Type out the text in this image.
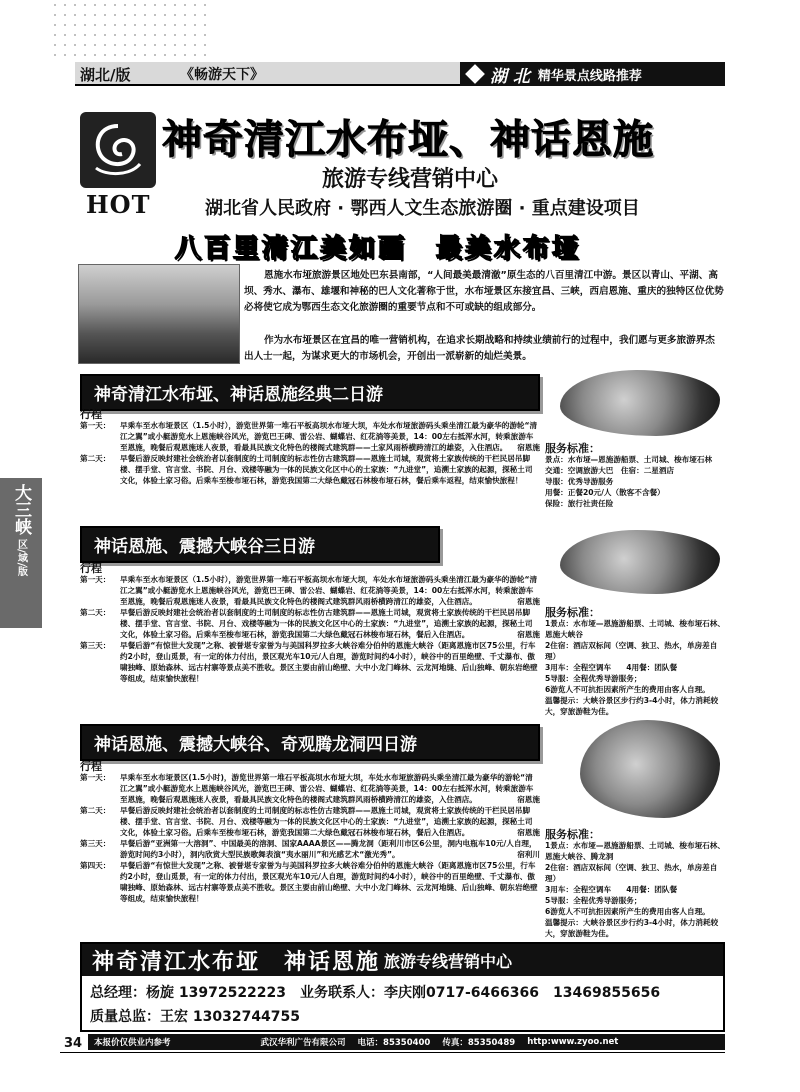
湖北/版	《畅游天下》	湖 北 精华景点线路推荐
HOT
神奇清江水布垭、神话恩施
旅游专线营销中心
湖北省人民政府 · 鄂西人文生态旅游圈 · 重点建设项目
八百里清江美如画　最美水布垭

恩施水布垭旅游景区地处巴东县南部，“人间最美最清澈”原生态的八百里清江中游。景区以青山、平湖、高坝、秀水、瀑布、雄堰和神秘的巴人文化著称于世，水布垭景区东接宜昌、三峡，西启恩施、重庆的独特区位优势必将使它成为鄂西生态文化旅游圈的重要节点和不可或缺的组成部分。

作为水布垭景区在宜昌的唯一营销机构，在追求长期战略和持续业绩前行的过程中，我们愿与更多旅游界杰出人士一起，为谋求更大的市场机会，开创出一派崭新的灿烂美景。

大三峡
区/域/版
神奇清江水布垭、神话恩施经典二日游
行程
第一天：	早乘车至水布垭景区（1.5小时），游览世界第一堆石平板高坝水布垭大坝，车处水布垭旅游码头乘坐清江最为豪华的游轮“清江之翼”或小艇游览水上恩施峡谷风光，游览巴王碑、雷公岩、蝴蝶岩、红花淌等美景，14：00左右抵浑水河，转乘旅游车至恩施，晚餐后观恩施迷人夜景，看最具民族文化特色的楼阁式建筑群——土家风雨桥横跨清江的雄姿，入住酒店。 宿恩施
第二天：	早餐后游反映封建社会统治者以套制度的土司制度的标志性仿古建筑群——恩施土司城，观赏将土家族传统的干栏民居吊脚楼、摆手堂、官言堂、书院、月台、戏楼等融为一体的民族文化区中心的土家族：“九进堂”，追溯土家族的起源，探秘土司文化，体验土家习俗。后乘车至梭布垭石林，游览我国第二大绿色戴冠石林梭布垭石林，餐后乘车返程，结束愉快旅程！
服务标准：
景点：水布垭—恩施游船票、土司城、梭布垭石林
交通：空调旅游大巴　住宿：二星酒店
导服：优秀导游服务
用餐：正餐20元/人（散客不含餐）
保险：旅行社责任险
神话恩施、震撼大峡谷三日游
行程
第一天：	早乘车至水布垭景区（1.5小时），游览世界第一堆石平板高坝水布垭大坝，车处水布垭旅游码头乘坐清江最为豪华的游轮“清江之翼”或小艇游览水上恩施峡谷风光，游览巴王碑、雷公岩、蝴蝶岩、红花淌等美景，14：00左右抵浑水河，转乘旅游车至恩施，晚餐后观恩施迷人夜景，看最具民族文化特色的楼阁式建筑群风雨桥横跨清江的雄姿，入住酒店。	宿恩施
第二天：	早餐后游反映封建社会统治者以套制度的土司制度的标志性仿古建筑群——恩施土司城，观赏将土家族传统的干栏民居吊脚楼、摆手堂、官言堂、书院、月台、戏楼等融为一体的民族文化区中心的土家族：“九进堂”，追溯土家族的起源，探秘土司文化，体验土家习俗。后乘车至梭布垭石林，游览我国第二大绿色戴冠石林梭布垭石林，餐后入住酒店。	宿恩施
第三天：	早餐后游“有惊世大发现”之称、被誉堪专家誉为与美国科罗拉多大峡谷难分伯仲的恩施大峡谷（距离恩施市区75公里，行车约2小时，登山觅景，有一定的体力付出，景区观光车10元/人自理，游览时间约4小时），峡谷中的百里绝壁、千丈瀑布、傲啸独峰、原始森林、远古村寨等景点美不胜收。景区主要由前山绝壁、大中小龙门峰林、云龙河地缝、后山独峰、朝东岩绝壁等组成，结束愉快旅程！
服务标准：
1景点：水布垭—恩施游船票、土司城、梭布垭石林、恩施大峡谷
2住宿：酒店双标间（空调、独卫、热水，单房差自理）
3用车：全程空调车　　4用餐：团队餐
5导服：全程优秀导游服务；
6游览人不可抗拒因素所产生的费用由客人自理。
温馨提示：大峡谷景区步行约3-4小时，体力消耗较大，穿旅游鞋为佳。
神话恩施、震撼大峡谷、奇观腾龙洞四日游
行程
第一天：	早乘车至水布垭景区(1.5小时)，游览世界第一堆石平板高坝水布垭大坝，车处水布垭旅游码头乘坐清江最为豪华的游轮“清江之翼”或小艇游览水上恩施峡谷风光，游览巴王碑、雷公岩、蝴蝶岩、红花淌等美景，14：00左右抵浑水河，转乘旅游车至恩施，晚餐后观恩施迷人夜景，看最具民族文化特色的楼阁式建筑群风雨桥横跨清江的雄姿，入住酒店。	宿恩施
第二天：	早餐后游反映封建社会统治者以套制度的土司制度的标志性仿古建筑群——恩施土司城，观赏将土家族传统的干栏民居吊脚楼、摆手堂、官言堂、书院、月台、戏楼等融为一体的民族文化区中心的土家族：“九进堂”，追溯土家族的起源，探秘土司文化，体验土家习俗。后乘车至梭布垭石林，游览我国第二大绿色戴冠石林梭布垭石林，餐后入住酒店。	宿恩施
第三天：	早餐后游“亚洲第一大溶洞”、中国最美的溶洞、国家AAAA景区——腾龙洞（距利川市区6公里，洞内电瓶车10元/人自理，游览时间约3小时），洞内欣赏大型民族歌舞表演“夷水丽川”和光感艺术“激光秀”。	宿利川
第四天：	早餐后游“有惊世大发现”之称、被誉堪专家誉为与美国科罗拉多大峡谷难分伯仲的恩施大峡谷（距离恩施市区75公里，行车约2小时，登山觅景，有一定的体力付出，景区观光车10元/人自理，游览时间约4小时），峡谷中的百里绝壁、千丈瀑布、傲啸独峰、原始森林、远古村寨等景点美不胜收。景区主要由前山绝壁、大中小龙门峰林、云龙河地缝、后山独峰、朝东岩绝壁等组成，结束愉快旅程！
服务标准：
1景点：水布垭—恩施游船票、土司城、梭布垭石林、恩施大峡谷、腾龙洞
2住宿：酒店双标间（空调、独卫、热水，单房差自理）
3用车：全程空调车　　4用餐：团队餐
5导服：全程优秀导游服务；
6游览人不可抗拒因素所产生的费用由客人自理。
温馨提示：大峡谷景区步行约3-4小时，体力消耗较大，穿旅游鞋为佳。
神奇清江水布垭　神话恩施 旅游专线营销中心
总经理：杨旋 13972522223　业务联系人：李庆刚0717-6466366　13469855656
质量总监：王宏 13032744755
34 本报价仅供业内参考	武汉华利广告有限公司 电话：85350400 传真：85350489 http:www.zyoo.net
